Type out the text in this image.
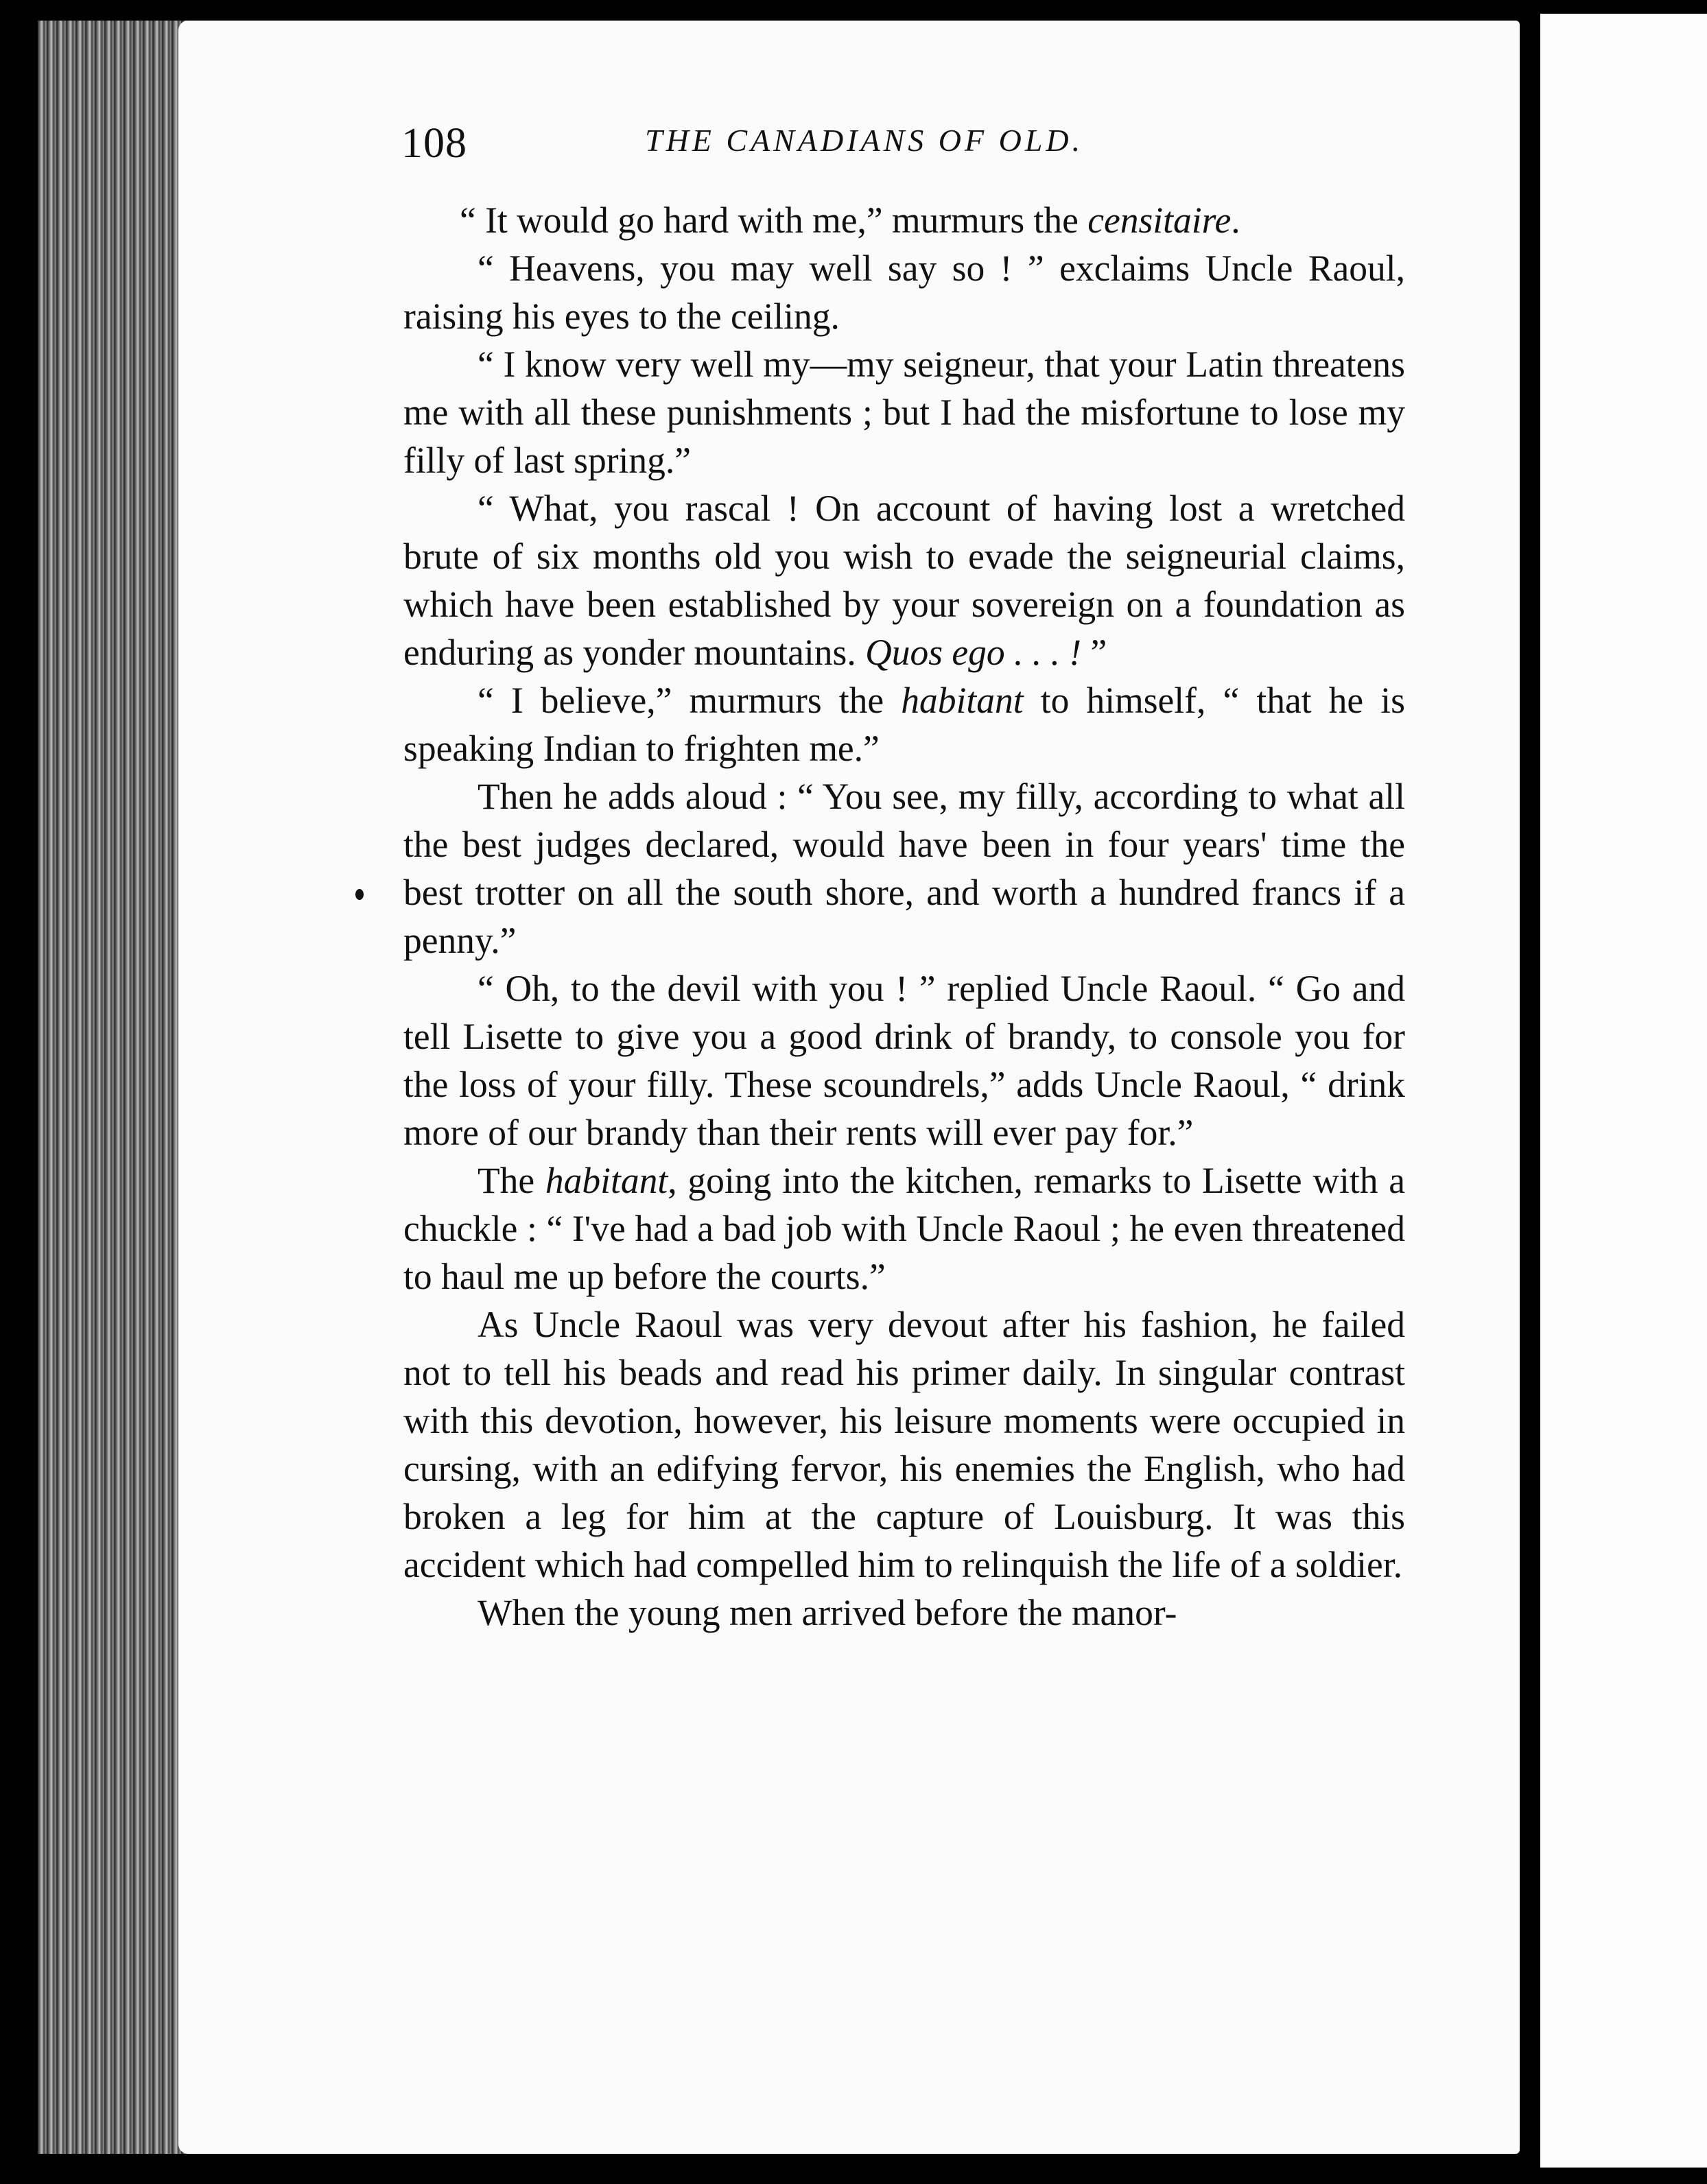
108	THE CANADIANS OF OLD.

“ It would go hard with me,” murmurs the censitaire.

“ Heavens, you may well say so ! ” exclaims Uncle Raoul, raising his eyes to the ceiling.

“ I know very well my—my seigneur, that your Latin threatens me with all these punishments ; but I had the misfortune to lose my filly of last spring.”

“ What, you rascal ! On account of having lost a wretched brute of six months old you wish to evade the seigneurial claims, which have been established by your sovereign on a foundation as enduring as yonder mountains. Quos ego . . . ! ”

“ I believe,” murmurs the habitant to himself, “ that he is speaking Indian to frighten me.”

Then he adds aloud : “ You see, my filly, according to what all the best judges declared, would have been in four years' time the best trotter on all the south shore, and worth a hundred francs if a penny.”

“ Oh, to the devil with you ! ” replied Uncle Raoul. “ Go and tell Lisette to give you a good drink of brandy, to console you for the loss of your filly. These scoundrels,” adds Uncle Raoul, “ drink more of our brandy than their rents will ever pay for.”

The habitant, going into the kitchen, remarks to Lisette with a chuckle : “ I've had a bad job with Uncle Raoul ; he even threatened to haul me up before the courts.”

As Uncle Raoul was very devout after his fashion, he failed not to tell his beads and read his primer daily. In singular contrast with this devotion, however, his leisure moments were occupied in cursing, with an edifying fervor, his enemies the English, who had broken a leg for him at the capture of Louisburg. It was this accident which had compelled him to relinquish the life of a soldier.

When the young men arrived before the manor-
